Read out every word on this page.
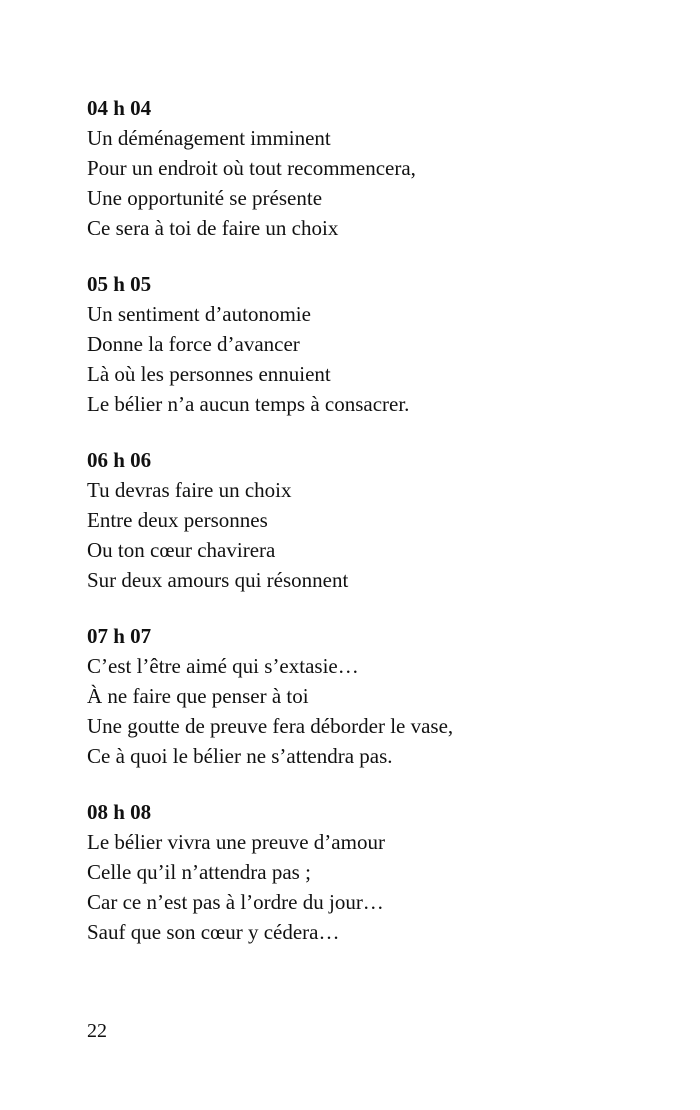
04 h 04
Un déménagement imminent
Pour un endroit où tout recommencera,
Une opportunité se présente
Ce sera à toi de faire un choix
05 h 05
Un sentiment d’autonomie
Donne la force d’avancer
Là où les personnes ennuient
Le bélier n’a aucun temps à consacrer.
06 h 06
Tu devras faire un choix
Entre deux personnes
Ou ton cœur chavirera
Sur deux amours qui résonnent
07 h 07
C’est l’être aimé qui s’extasie…
À ne faire que penser à toi
Une goutte de preuve fera déborder le vase,
Ce à quoi le bélier ne s’attendra pas.
08 h 08
Le bélier vivra une preuve d’amour
Celle qu’il n’attendra pas ;
Car ce n’est pas à l’ordre du jour…
Sauf que son cœur y cédera…
22
